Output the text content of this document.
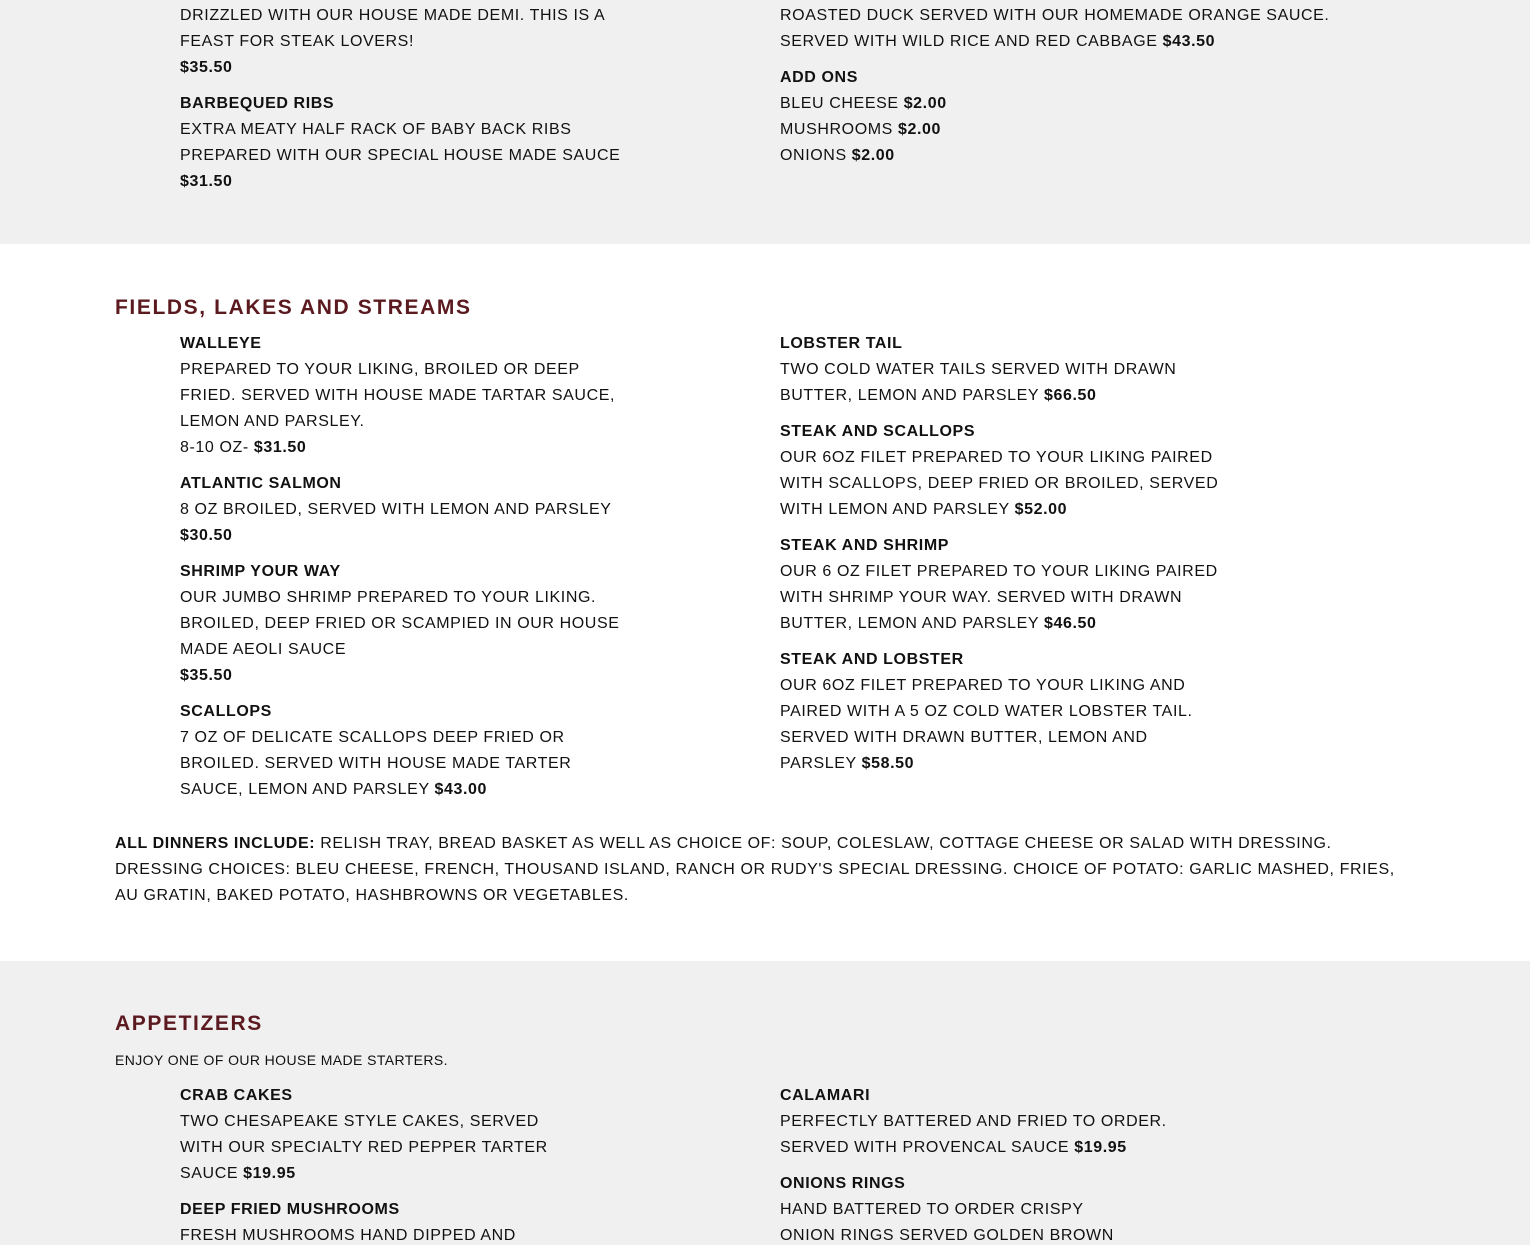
DRIZZLED WITH OUR HOUSE MADE DEMI. THIS IS A
FEAST FOR STEAK LOVERS!
$35.50
BARBEQUED RIBS
EXTRA MEATY HALF RACK OF BABY BACK RIBS
PREPARED WITH OUR SPECIAL HOUSE MADE SAUCE
$31.50
ROASTED DUCK SERVED WITH OUR HOMEMADE ORANGE SAUCE.
SERVED WITH WILD RICE AND RED CABBAGE $43.50
ADD ONS
BLEU CHEESE $2.00
MUSHROOMS $2.00
ONIONS $2.00
FIELDS, LAKES AND STREAMS
WALLEYE
PREPARED TO YOUR LIKING, BROILED OR DEEP
FRIED. SERVED WITH HOUSE MADE TARTAR SAUCE,
LEMON AND PARSLEY.
8-10 OZ- $31.50
ATLANTIC SALMON
8 OZ BROILED, SERVED WITH LEMON AND PARSLEY
$30.50
SHRIMP YOUR WAY
OUR JUMBO SHRIMP PREPARED TO YOUR LIKING.
BROILED, DEEP FRIED OR SCAMPIED IN OUR HOUSE
MADE AEOLI SAUCE
$35.50
SCALLOPS
7 OZ OF DELICATE SCALLOPS DEEP FRIED OR
BROILED. SERVED WITH HOUSE MADE TARTER
SAUCE, LEMON AND PARSLEY $43.00
LOBSTER TAIL
TWO COLD WATER TAILS SERVED WITH DRAWN
BUTTER, LEMON AND PARSLEY $66.50
STEAK AND SCALLOPS
OUR 6OZ FILET PREPARED TO YOUR LIKING PAIRED
WITH SCALLOPS, DEEP FRIED OR BROILED, SERVED
WITH LEMON AND PARSLEY $52.00
STEAK AND SHRIMP
OUR 6 OZ FILET PREPARED TO YOUR LIKING PAIRED
WITH SHRIMP YOUR WAY. SERVED WITH DRAWN
BUTTER, LEMON AND PARSLEY $46.50
STEAK AND LOBSTER
OUR 6OZ FILET PREPARED TO YOUR LIKING AND
PAIRED WITH A 5 OZ COLD WATER LOBSTER TAIL.
SERVED WITH DRAWN BUTTER, LEMON AND
PARSLEY $58.50

ALL DINNERS INCLUDE: RELISH TRAY, BREAD BASKET AS WELL AS CHOICE OF: SOUP, COLESLAW, COTTAGE CHEESE OR SALAD WITH DRESSING. DRESSING CHOICES: BLEU CHEESE, FRENCH, THOUSAND ISLAND, RANCH OR RUDY'S SPECIAL DRESSING. CHOICE OF POTATO: GARLIC MASHED, FRIES, AU GRATIN, BAKED POTATO, HASHBROWNS OR VEGETABLES.

APPETIZERS

ENJOY ONE OF OUR HOUSE MADE STARTERS.

CRAB CAKES
TWO CHESAPEAKE STYLE CAKES, SERVED
WITH OUR SPECIALTY RED PEPPER TARTER
SAUCE $19.95
DEEP FRIED MUSHROOMS
FRESH MUSHROOMS HAND DIPPED AND
CALAMARI
PERFECTLY BATTERED AND FRIED TO ORDER.
SERVED WITH PROVENCAL SAUCE $19.95
ONIONS RINGS
HAND BATTERED TO ORDER CRISPY
ONION RINGS SERVED GOLDEN BROWN
